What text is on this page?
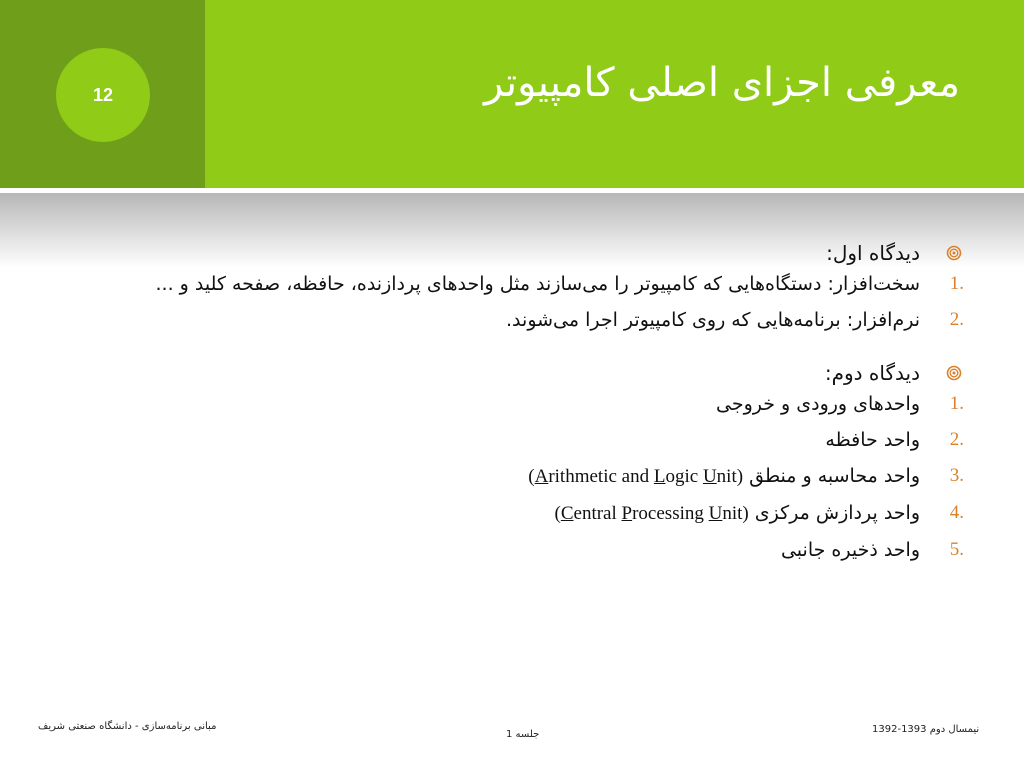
12	معرفی اجزای اصلی کامپیوتر
دیدگاه اول:
1.
سخت‌افزار: دستگاه‌هایی که کامپیوتر را می‌سازند مثل واحدهای پردازنده، حافظه، صفحه کلید و ...
2.
نرم‌افزار: برنامه‌هایی که روی کامپیوتر اجرا می‌شوند.
دیدگاه دوم:
1.
واحدهای ورودی و خروجی
2.
واحد حافظه
3.
واحد محاسبه و منطق (Arithmetic and Logic Unit)
4.
واحد پردازش مرکزی (Central Processing Unit)
5.
واحد ذخیره جانبی
مبانی برنامه‌سازی - دانشگاه صنعتی شریف
جلسه 1	نیمسال دوم 1393-1392
